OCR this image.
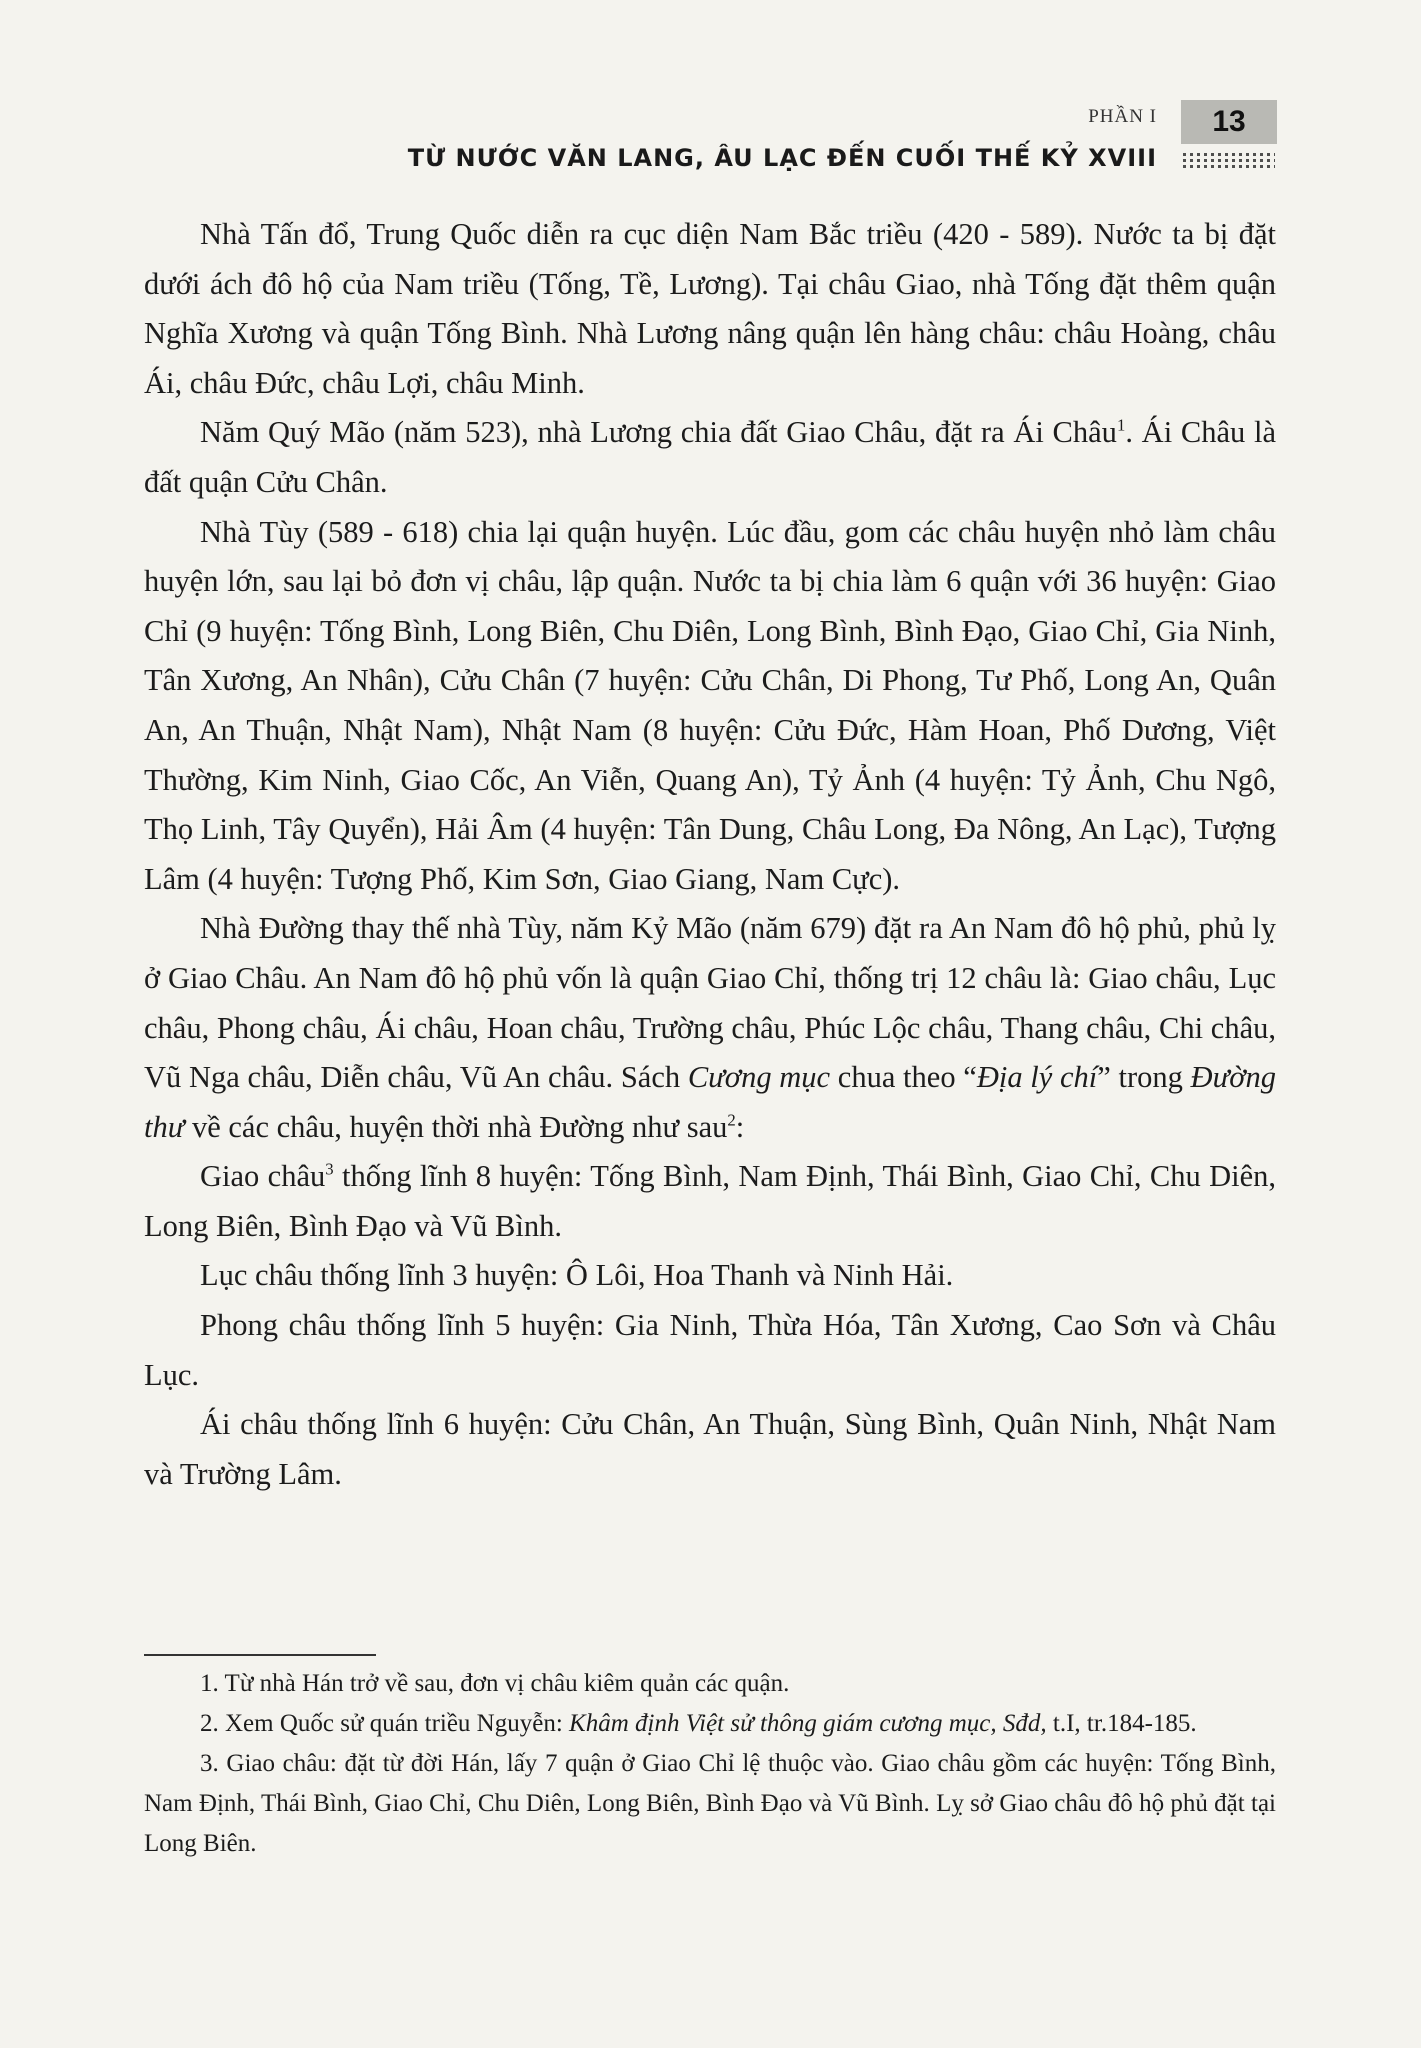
PHẦN I	13
TỪ NƯỚC VĂN LANG, ÂU LẠC ĐẾN CUỐI THẾ KỶ XVIII

Nhà Tấn đổ, Trung Quốc diễn ra cục diện Nam Bắc triều (420 - 589). Nước ta bị đặt dưới ách đô hộ của Nam triều (Tống, Tề, Lương). Tại châu Giao, nhà Tống đặt thêm quận Nghĩa Xương và quận Tống Bình. Nhà Lương nâng quận lên hàng châu: châu Hoàng, châu Ái, châu Đức, châu Lợi, châu Minh.

Năm Quý Mão (năm 523), nhà Lương chia đất Giao Châu, đặt ra Ái Châu$^1$. Ái Châu là đất quận Cửu Chân.

Nhà Tùy (589 - 618) chia lại quận huyện. Lúc đầu, gom các châu huyện nhỏ làm châu huyện lớn, sau lại bỏ đơn vị châu, lập quận. Nước ta bị chia làm 6 quận với 36 huyện: Giao Chỉ (9 huyện: Tống Bình, Long Biên, Chu Diên, Long Bình, Bình Đạo, Giao Chỉ, Gia Ninh, Tân Xương, An Nhân), Cửu Chân (7 huyện: Cửu Chân, Di Phong, Tư Phố, Long An, Quân An, An Thuận, Nhật Nam), Nhật Nam (8 huyện: Cửu Đức, Hàm Hoan, Phố Dương, Việt Thường, Kim Ninh, Giao Cốc, An Viễn, Quang An), Tỷ Ảnh (4 huyện: Tỷ Ảnh, Chu Ngô, Thọ Linh, Tây Quyển), Hải Âm (4 huyện: Tân Dung, Châu Long, Đa Nông, An Lạc), Tượng Lâm (4 huyện: Tượng Phố, Kim Sơn, Giao Giang, Nam Cực).

Nhà Đường thay thế nhà Tùy, năm Kỷ Mão (năm 679) đặt ra An Nam đô hộ phủ, phủ lỵ ở Giao Châu. An Nam đô hộ phủ vốn là quận Giao Chỉ, thống trị 12 châu là: Giao châu, Lục châu, Phong châu, Ái châu, Hoan châu, Trường châu, Phúc Lộc châu, Thang châu, Chi châu, Vũ Nga châu, Diễn châu, Vũ An châu. Sách Cương mục chua theo “Địa lý chí” trong Đường thư về các châu, huyện thời nhà Đường như sau$^2$:

Giao châu$^3$ thống lĩnh 8 huyện: Tống Bình, Nam Định, Thái Bình, Giao Chỉ, Chu Diên, Long Biên, Bình Đạo và Vũ Bình.

Lục châu thống lĩnh 3 huyện: Ô Lôi, Hoa Thanh và Ninh Hải.

Phong châu thống lĩnh 5 huyện: Gia Ninh, Thừa Hóa, Tân Xương, Cao Sơn và Châu Lục.

Ái châu thống lĩnh 6 huyện: Cửu Chân, An Thuận, Sùng Bình, Quân Ninh, Nhật Nam và Trường Lâm.

1. Từ nhà Hán trở về sau, đơn vị châu kiêm quản các quận.

2. Xem Quốc sử quán triều Nguyễn: Khâm định Việt sử thông giám cương mục, Sđd, t.I, tr.184-185.

3. Giao châu: đặt từ đời Hán, lấy 7 quận ở Giao Chỉ lệ thuộc vào. Giao châu gồm các huyện: Tống Bình, Nam Định, Thái Bình, Giao Chỉ, Chu Diên, Long Biên, Bình Đạo và Vũ Bình. Lỵ sở Giao châu đô hộ phủ đặt tại Long Biên.
